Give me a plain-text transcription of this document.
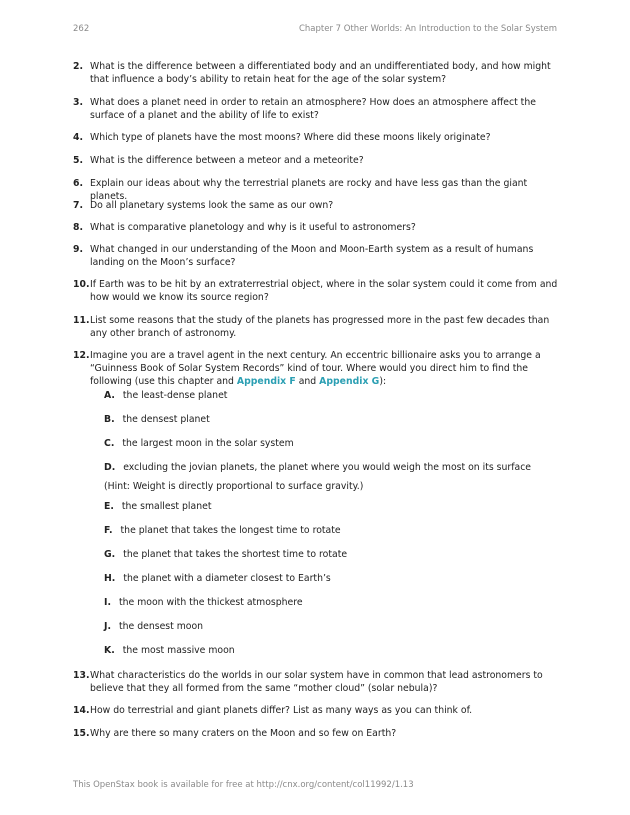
262	Chapter 7 Other Worlds: An Introduction to the Solar System
2. What is the difference between a differentiated body and an undifferentiated body, and how might that influence a body’s ability to retain heat for the age of the solar system?
3. What does a planet need in order to retain an atmosphere? How does an atmosphere affect the surface of a planet and the ability of life to exist?
4. Which type of planets have the most moons? Where did these moons likely originate?
5. What is the difference between a meteor and a meteorite?
6. Explain our ideas about why the terrestrial planets are rocky and have less gas than the giant planets.
7. Do all planetary systems look the same as our own?
8. What is comparative planetology and why is it useful to astronomers?
9. What changed in our understanding of the Moon and Moon-Earth system as a result of humans landing on the Moon’s surface?
10. If Earth was to be hit by an extraterrestrial object, where in the solar system could it come from and how would we know its source region?
11. List some reasons that the study of the planets has progressed more in the past few decades than any other branch of astronomy.
12. Imagine you are a travel agent in the next century. An eccentric billionaire asks you to arrange a “Guinness Book of Solar System Records” kind of tour. Where would you direct him to find the following (use this chapter and Appendix F and Appendix G):
A. the least-dense planet
B. the densest planet
C. the largest moon in the solar system
D. excluding the jovian planets, the planet where you would weigh the most on its surface (Hint: Weight is directly proportional to surface gravity.)
E. the smallest planet
F. the planet that takes the longest time to rotate
G. the planet that takes the shortest time to rotate
H. the planet with a diameter closest to Earth’s
I. the moon with the thickest atmosphere
J. the densest moon
K. the most massive moon
13. What characteristics do the worlds in our solar system have in common that lead astronomers to believe that they all formed from the same “mother cloud” (solar nebula)?
14. How do terrestrial and giant planets differ? List as many ways as you can think of.
15. Why are there so many craters on the Moon and so few on Earth?
This OpenStax book is available for free at http://cnx.org/content/col11992/1.13
